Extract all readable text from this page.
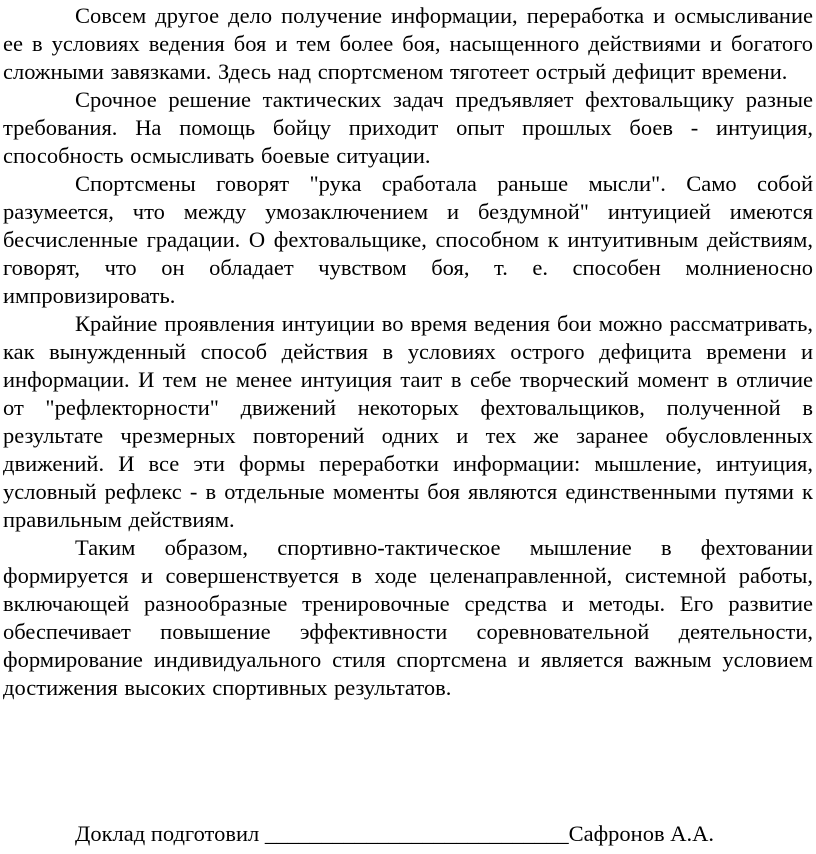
Совсем другое дело получение информации, переработка и осмысливание ее в условиях ведения боя и тем более боя, насыщенного действиями и богатого сложными завязками. Здесь над спортсменом тяготеет острый дефицит времени.

Срочное решение тактических задач предъявляет фехтовальщику разные требования. На помощь бойцу приходит опыт прошлых боев - интуиция, способность осмысливать боевые ситуации.

Спортсмены говорят "рука сработала раньше мысли". Само собой разумеется, что между умозаключением и бездумной" интуицией имеются бесчисленные градации. О фехтовальщике, способном к интуитивным действиям, говорят, что он обладает чувством боя, т. е. способен молниеносно импровизировать.

Крайние проявления интуиции во время ведения бои можно рассматривать, как вынужденный способ действия в условиях острого дефицита времени и информации. И тем не менее интуиция таит в себе творческий момент в отличие от "рефлекторности" движений некоторых фехтовальщиков, полученной в результате чрезмерных повторений одних и тех же заранее обусловленных движений. И все эти формы переработки информации: мышление, интуиция, условный рефлекс - в отдельные моменты боя являются единственными путями к правильным действиям.

Таким образом, спортивно-тактическое мышление в фехтовании формируется и совершенствуется в ходе целенаправленной, системной работы, включающей разнообразные тренировочные средства и методы. Его развитие обеспечивает повышение эффективности соревновательной деятельности, формирование индивидуального стиля спортсмена и является важным условием достижения высоких спортивных результатов.

Доклад подготовил ___________________________Сафронов А.А.
